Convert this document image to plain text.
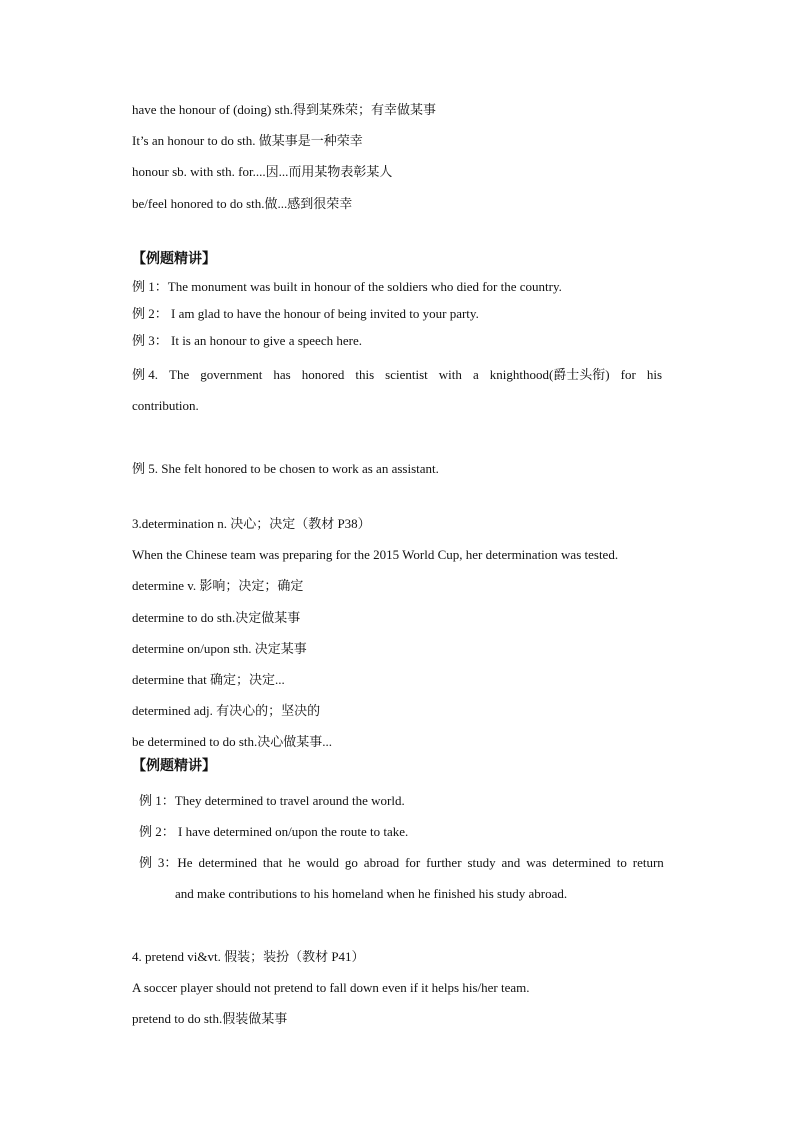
have the honour of (doing) sth.得到某殊荣；有幸做某事
It’s an honour to do sth. 做某事是一种荣幸
honour sb. with sth. for....因...而用某物表彰某人
be/feel honored to do sth.做...感到很荣幸
【例题精讲】
例 1：The monument was built in honour of the soldiers who died for the country.
例 2： I am glad to have the honour of being invited to your party.
例 3： It is an honour to give a speech here.
例 4. The government has honored this scientist with a knighthood(爵士头衔) for his
contribution.
例 5. She felt honored to be chosen to work as an assistant.
3.determination n. 决心；决定（教材 P38）
When the Chinese team was preparing for the 2015 World Cup, her determination was tested.
determine v. 影响；决定；确定
determine to do sth.决定做某事
determine on/upon sth. 决定某事
determine that 确定；决定...
determined adj. 有决心的；坚决的
be determined to do sth.决心做某事...
【例题精讲】
例 1：They determined to travel around the world.
例 2： I have determined on/upon the route to take.
例 3：He determined that he would go abroad for further study and was determined to return
and make contributions to his homeland when he finished his study abroad.
4. pretend vi&vt. 假装；装扮（教材 P41）
A soccer player should not pretend to fall down even if it helps his/her team.
pretend to do sth.假装做某事
